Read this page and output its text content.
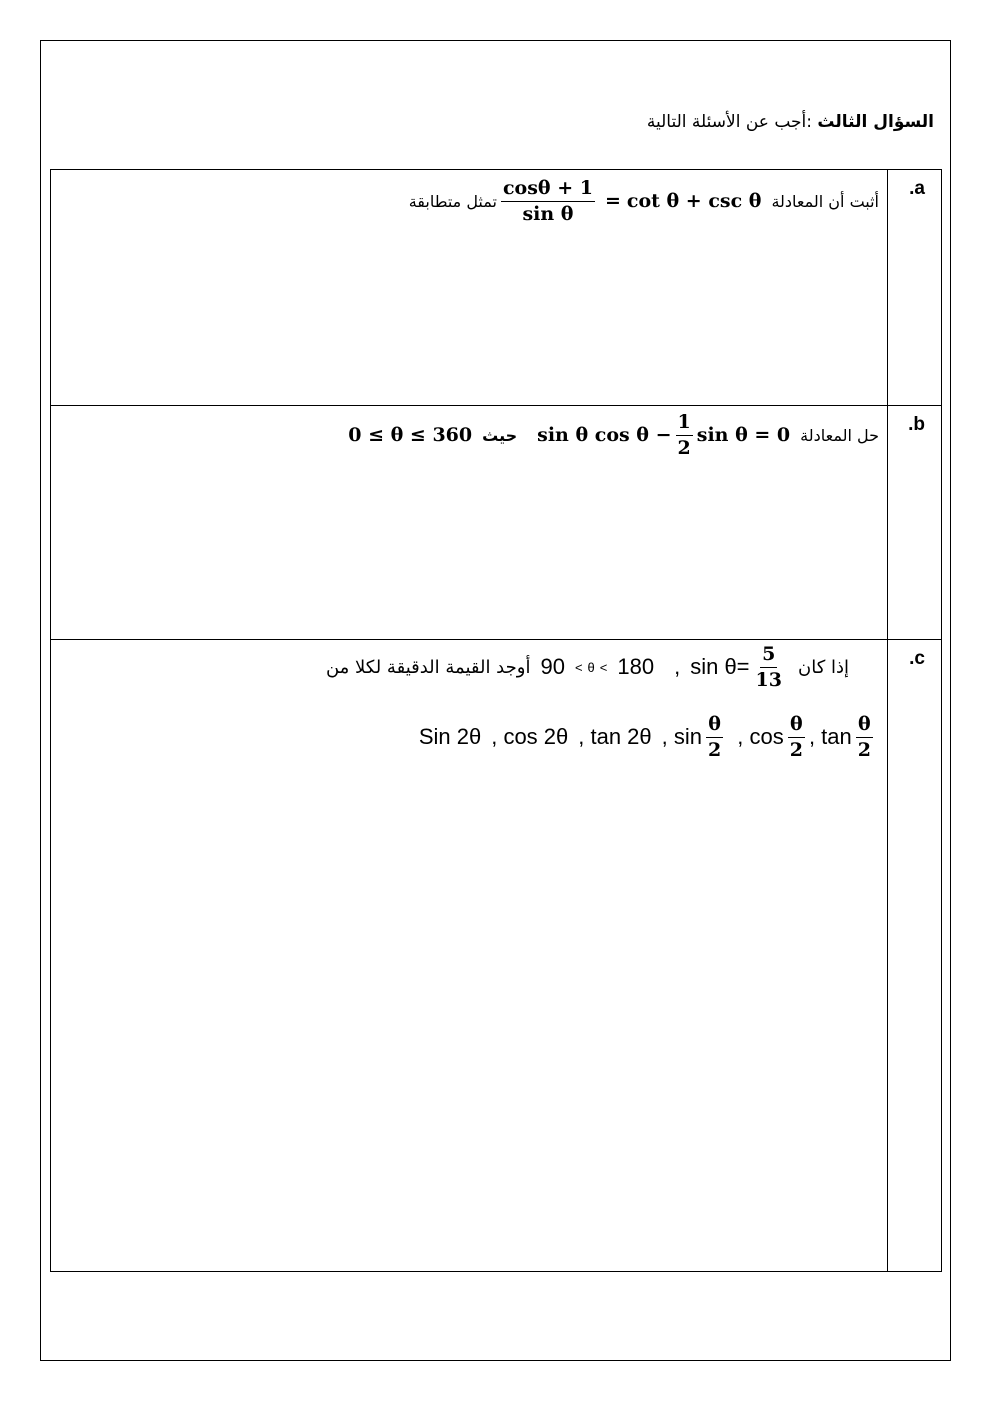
السؤال الثالث :أجب عن الأسئلة التالية
.a
أثبت أن المعادلة
cot θ + csc θ
=
$\frac{\cos\theta + 1}{\text{sin θ}}$
تمثل متطابقة
.b
حل المعادلة
sin θ $\cos \theta - \frac{1}{2}$ sin θ = 0
حيث
0 ≤ θ ≤ 360
.c
إذا كان
$\frac{5}{13}$
sin θ=
,
90 < θ < 180
أوجد القيمة الدقيقة لكلا من
Sin 2θ , cos 2θ , tan 2θ , $\sin \frac{\theta}{2}$ , $\cos \frac{\theta}{2}$ , $\tan \frac{\theta}{2}$
